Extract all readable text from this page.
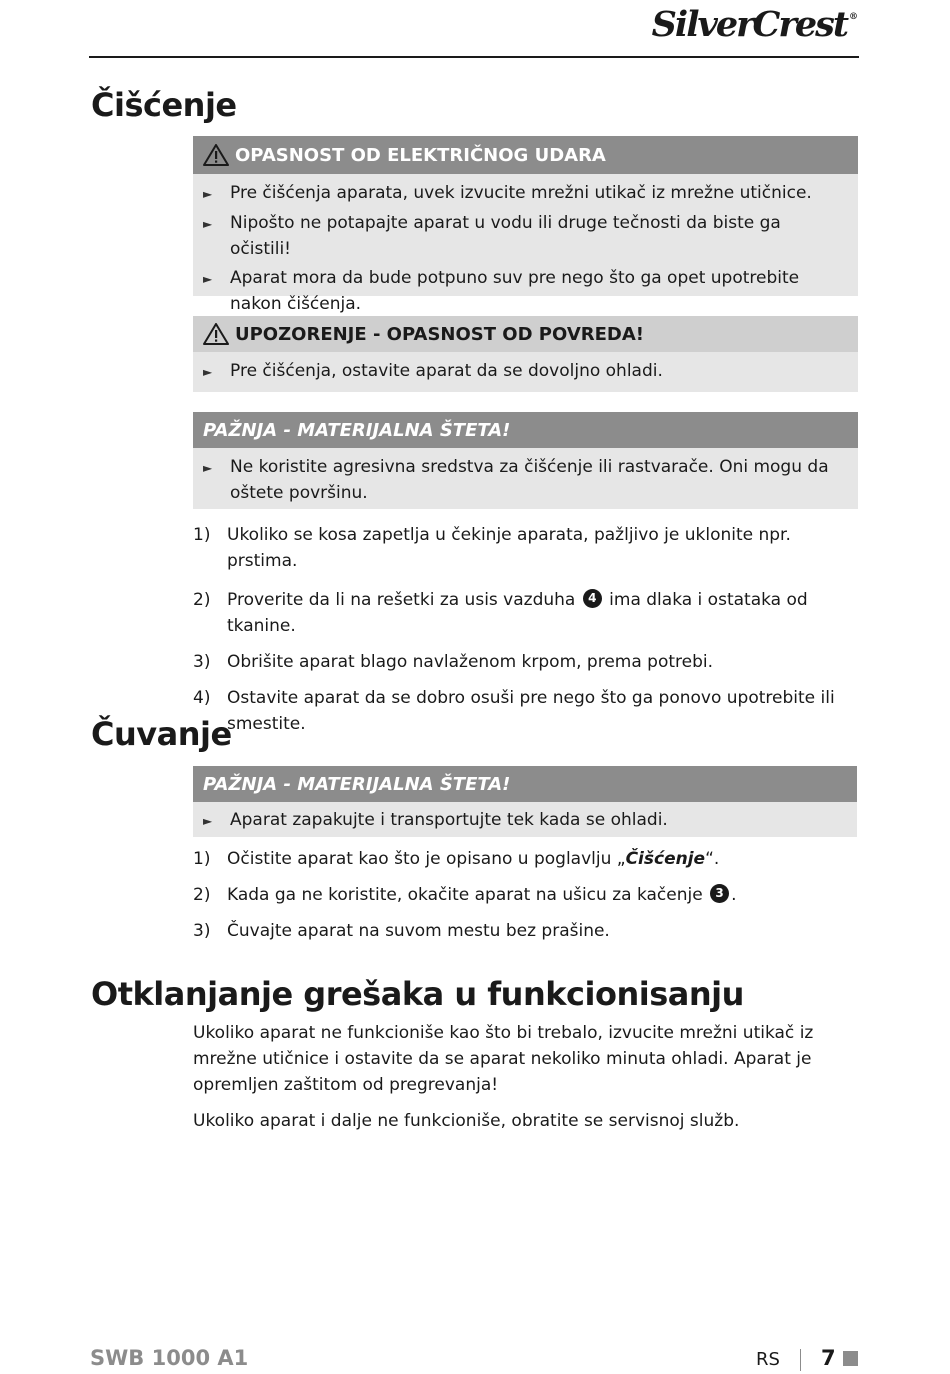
SilverCrest ®
Čišćenje
OPASNOST OD ELEKTRIČNOG UDARA
►	Pre čišćenja aparata, uvek izvucite mrežni utikač iz mrežne utičnice.
►	Nipošto ne potapajte aparat u vodu ili druge tečnosti da biste ga očistili!
►	Aparat mora da bude potpuno suv pre nego što ga opet upotrebite nakon čišćenja.
UPOZORENJE - OPASNOST OD POVREDA!
►	Pre čišćenja, ostavite aparat da se dovoljno ohladi.
PAŽNJA - MATERIJALNA ŠTETA!
►	Ne koristite agresivna sredstva za čišćenje ili rastvarače. Oni mogu da oštete površinu.
1) Ukoliko se kosa zapetlja u čekinje aparata, pažljivo je uklonite npr. prstima.
2) Proverite da li na rešetki za usis vazduha 4 ima dlaka i ostataka od tkanine.
3) Obrišite aparat blago navlaženom krpom, prema potrebi.
4) Ostavite aparat da se dobro osuši pre nego što ga ponovo upotrebite ili smestite.
Čuvanje
PAŽNJA - MATERIJALNA ŠTETA!
►	Aparat zapakujte i transportujte tek kada se ohladi.
1) Očistite aparat kao što je opisano u poglavlju „Čišćenje“.
2) Kada ga ne koristite, okačite aparat na ušicu za kačenje 3 .
3) Čuvajte aparat na suvom mestu bez prašine.
Otklanjanje grešaka u funkcionisanju
Ukoliko aparat ne funkcioniše kao što bi trebalo, izvucite mrežni utikač iz mrežne utičnice i ostavite da se aparat nekoliko minuta ohladi. Aparat je opremljen zaštitom od pregrevanja!
Ukoliko aparat i dalje ne funkcioniše, obratite se servisnoj služb.
SWB 1000 A1	RS 7
